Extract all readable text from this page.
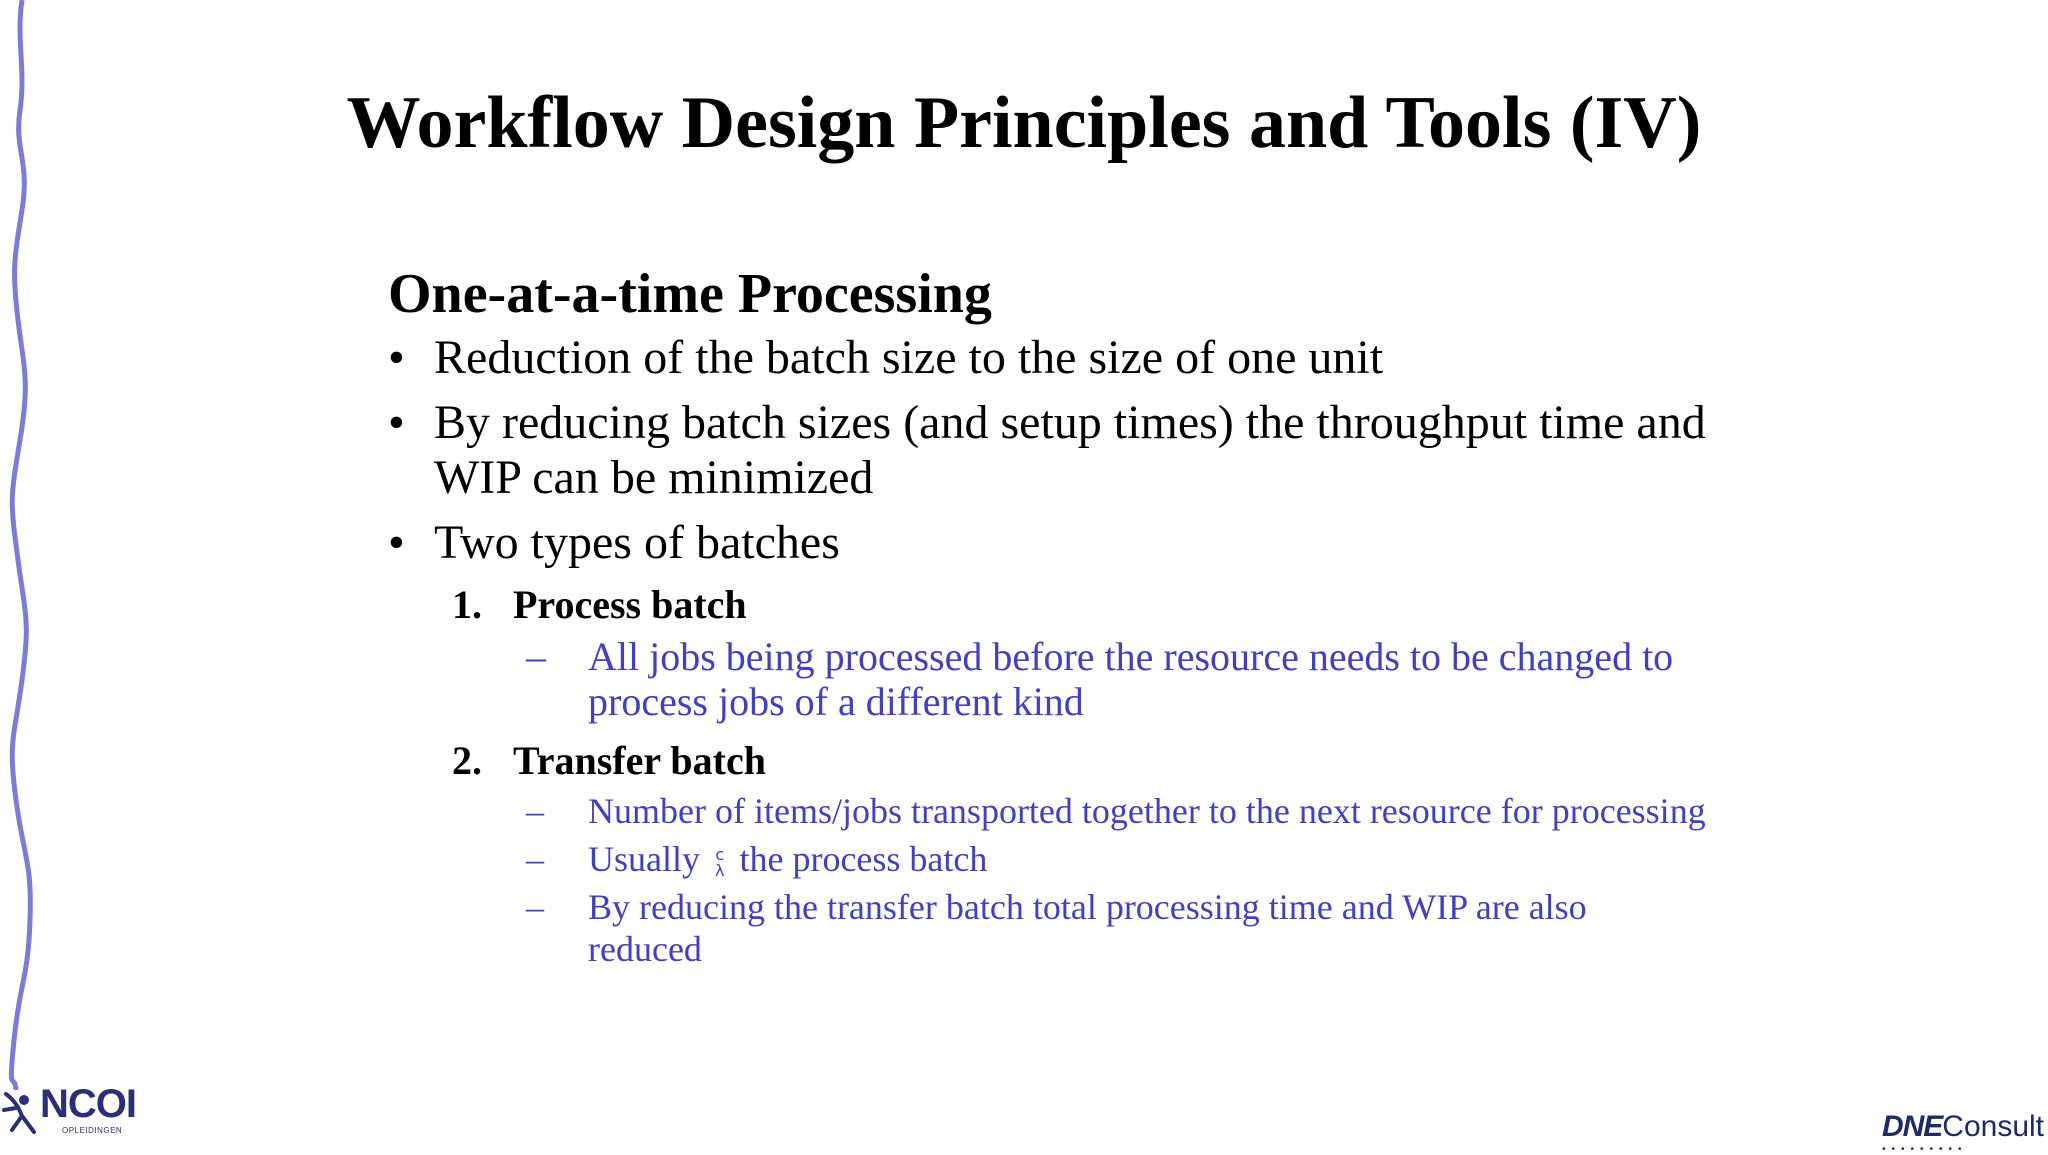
Workflow Design Principles and Tools (IV)
One-at-a-time Processing
• Reduction of the batch size to the size of one unit
• By reducing batch sizes (and setup times) the throughput time and WIP can be minimized
• Two types of batches
1. Process batch
– All jobs being processed before the resource needs to be changed to process jobs of a different kind
2. Transfer batch
– Number of items/jobs transported together to the next resource for processing
– Usually c
λ the process batch
– By reducing the transfer batch total processing time and WIP are also reduced
NCOI
OPLEIDINGEN	DNEConsult
•••••••••
